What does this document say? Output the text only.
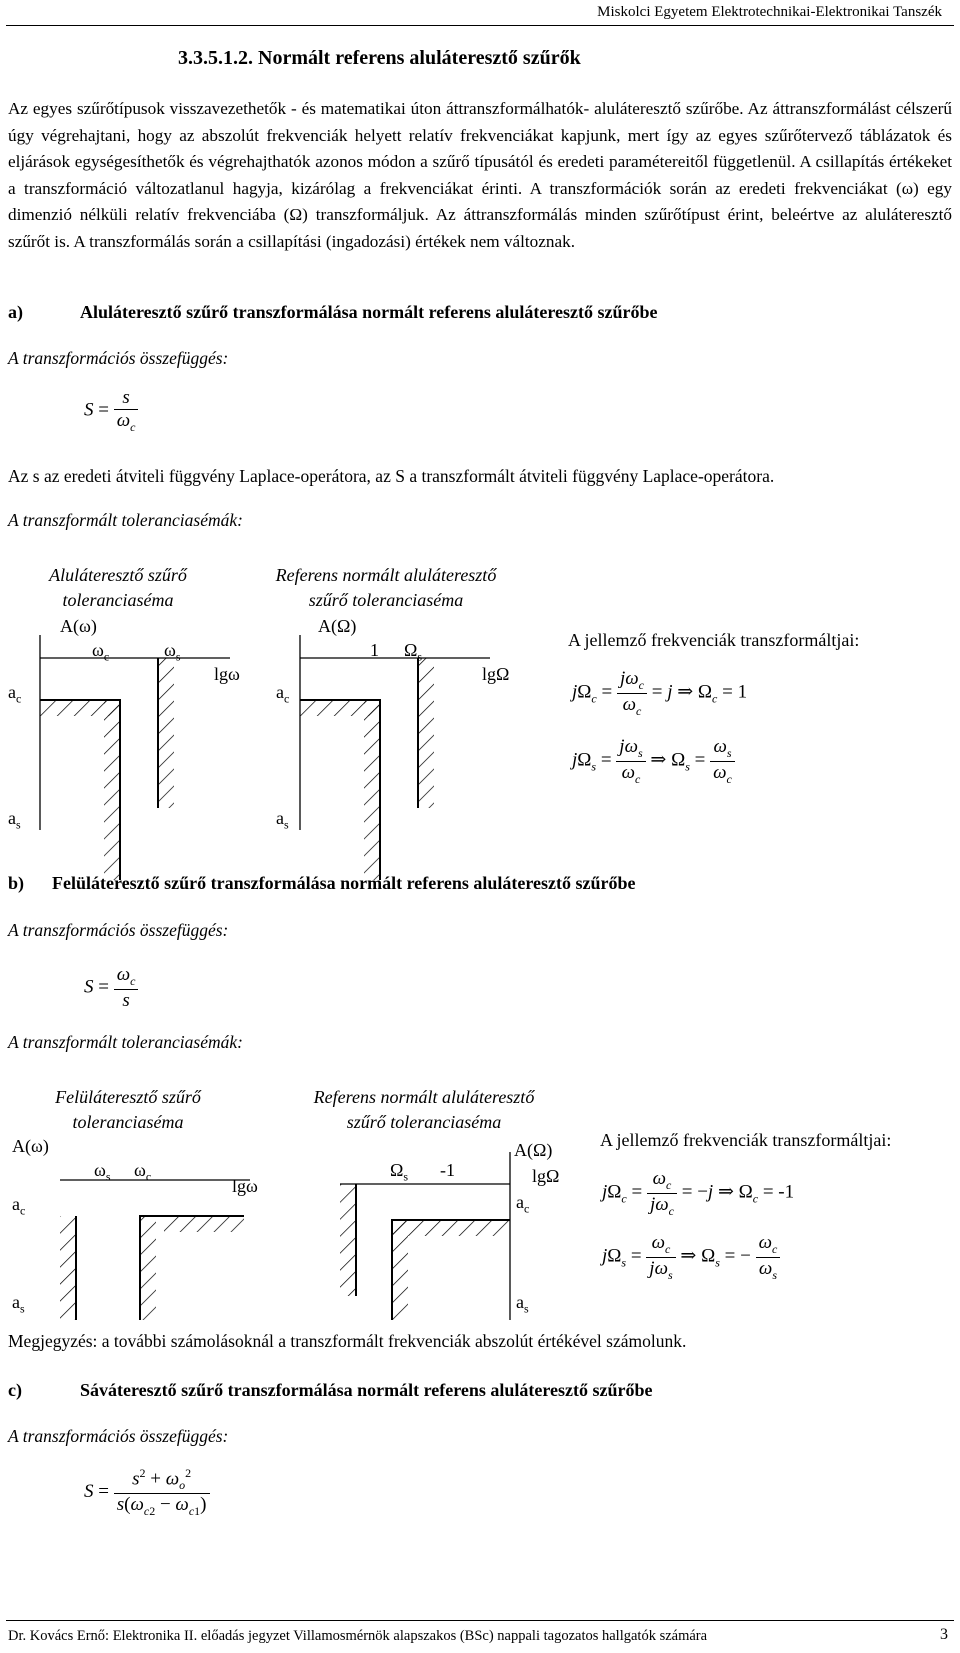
Miskolci Egyetem Elektrotechnikai-Elektronikai Tanszék
3.3.5.1.2. Normált referens aluláteresztő szűrők
Az egyes szűrőtípusok visszavezethetők - és matematikai úton áttranszformálhatók- aluláteresztő szűrőbe. Az áttranszformálást célszerű úgy végrehajtani, hogy az abszolút frekvenciák helyett relatív frekvenciákat kapjunk, mert így az egyes szűrőtervező táblázatok és eljárások egységesíthetők és végrehajthatók azonos módon a szűrő típusától és eredeti paramétereitől függetlenül. A csillapítás értékeket a transzformáció változatlanul hagyja, kizárólag a frekvenciákat érinti. A transzformációk során az eredeti frekvenciákat (ω) egy dimenzió nélküli relatív frekvenciába (Ω) transzformáljuk. Az áttranszformálás minden szűrőtípust érint, beleértve az aluláteresztő szűrőt is. A transzformálás során a csillapítási (ingadozási) értékek nem változnak.
a)	Aluláteresztő szűrő transzformálása normált referens aluláteresztő szűrőbe
A transzformációs összefüggés:
$S = \frac{s}{\omega_c}$
Az s az eredeti átviteli függvény Laplace-operátora, az S a transzformált átviteli függvény Laplace-operátora.
A transzformált toleranciasémák:
Aluláteresztő szűrő
toleranciaséma
Referens normált aluláteresztő
szűrő toleranciaséma
A(ω)
$\omega_c$	$\omega_s$
lgω
$a_c$
$a_s$
A(Ω)
1 $\Omega_s$
lgΩ
$a_c$
$a_s$
A jellemző frekvenciák transzformáltjai:
$j\Omega_c = \frac{j\omega_c}{\omega_c} = j$ ⇒ $\Omega_c = 1$
$j\Omega_s = \frac{j\omega_s}{\omega_c}$ ⇒ $\Omega_s = \frac{\omega_s}{\omega_c}$
b) Felüláteresztő szűrő transzformálása normált referens aluláteresztő szűrőbe
A transzformációs összefüggés:
$S = \frac{\omega_c}{s}$
A transzformált toleranciasémák:
Felüláteresztő szűrő
toleranciaséma
Referens normált aluláteresztő
szűrő toleranciaséma
A(ω)
$\omega_s$ $\omega_c$	lgω
$a_c$
$a_s$
$\Omega_s$ -1
A(Ω)
lgΩ
$a_c$
$a_s$
A jellemző frekvenciák transzformáltjai:
$j\Omega_c = \frac{\omega_c}{j\omega_c} = -j$ ⇒ $\Omega_c = -1$
$j\Omega_s = \frac{\omega_c}{j\omega_s}$ ⇒ $\Omega_s$ = − $\frac{\omega_c}{\omega_s}$
Megjegyzés: a további számolásoknál a transzformált frekvenciák abszolút értékével számolunk.
c)	Sáváteresztő szűrő transzformálása normált referens aluláteresztő szűrőbe
A transzformációs összefüggés:
$S = \frac{s^2 + \omega_o^2}{s(\omega_{c2} - \omega_{c1})}$
Dr. Kovács Ernő: Elektronika II. előadás jegyzet Villamosmérnök alapszakos (BSc) nappali tagozatos hallgatók számára	3
